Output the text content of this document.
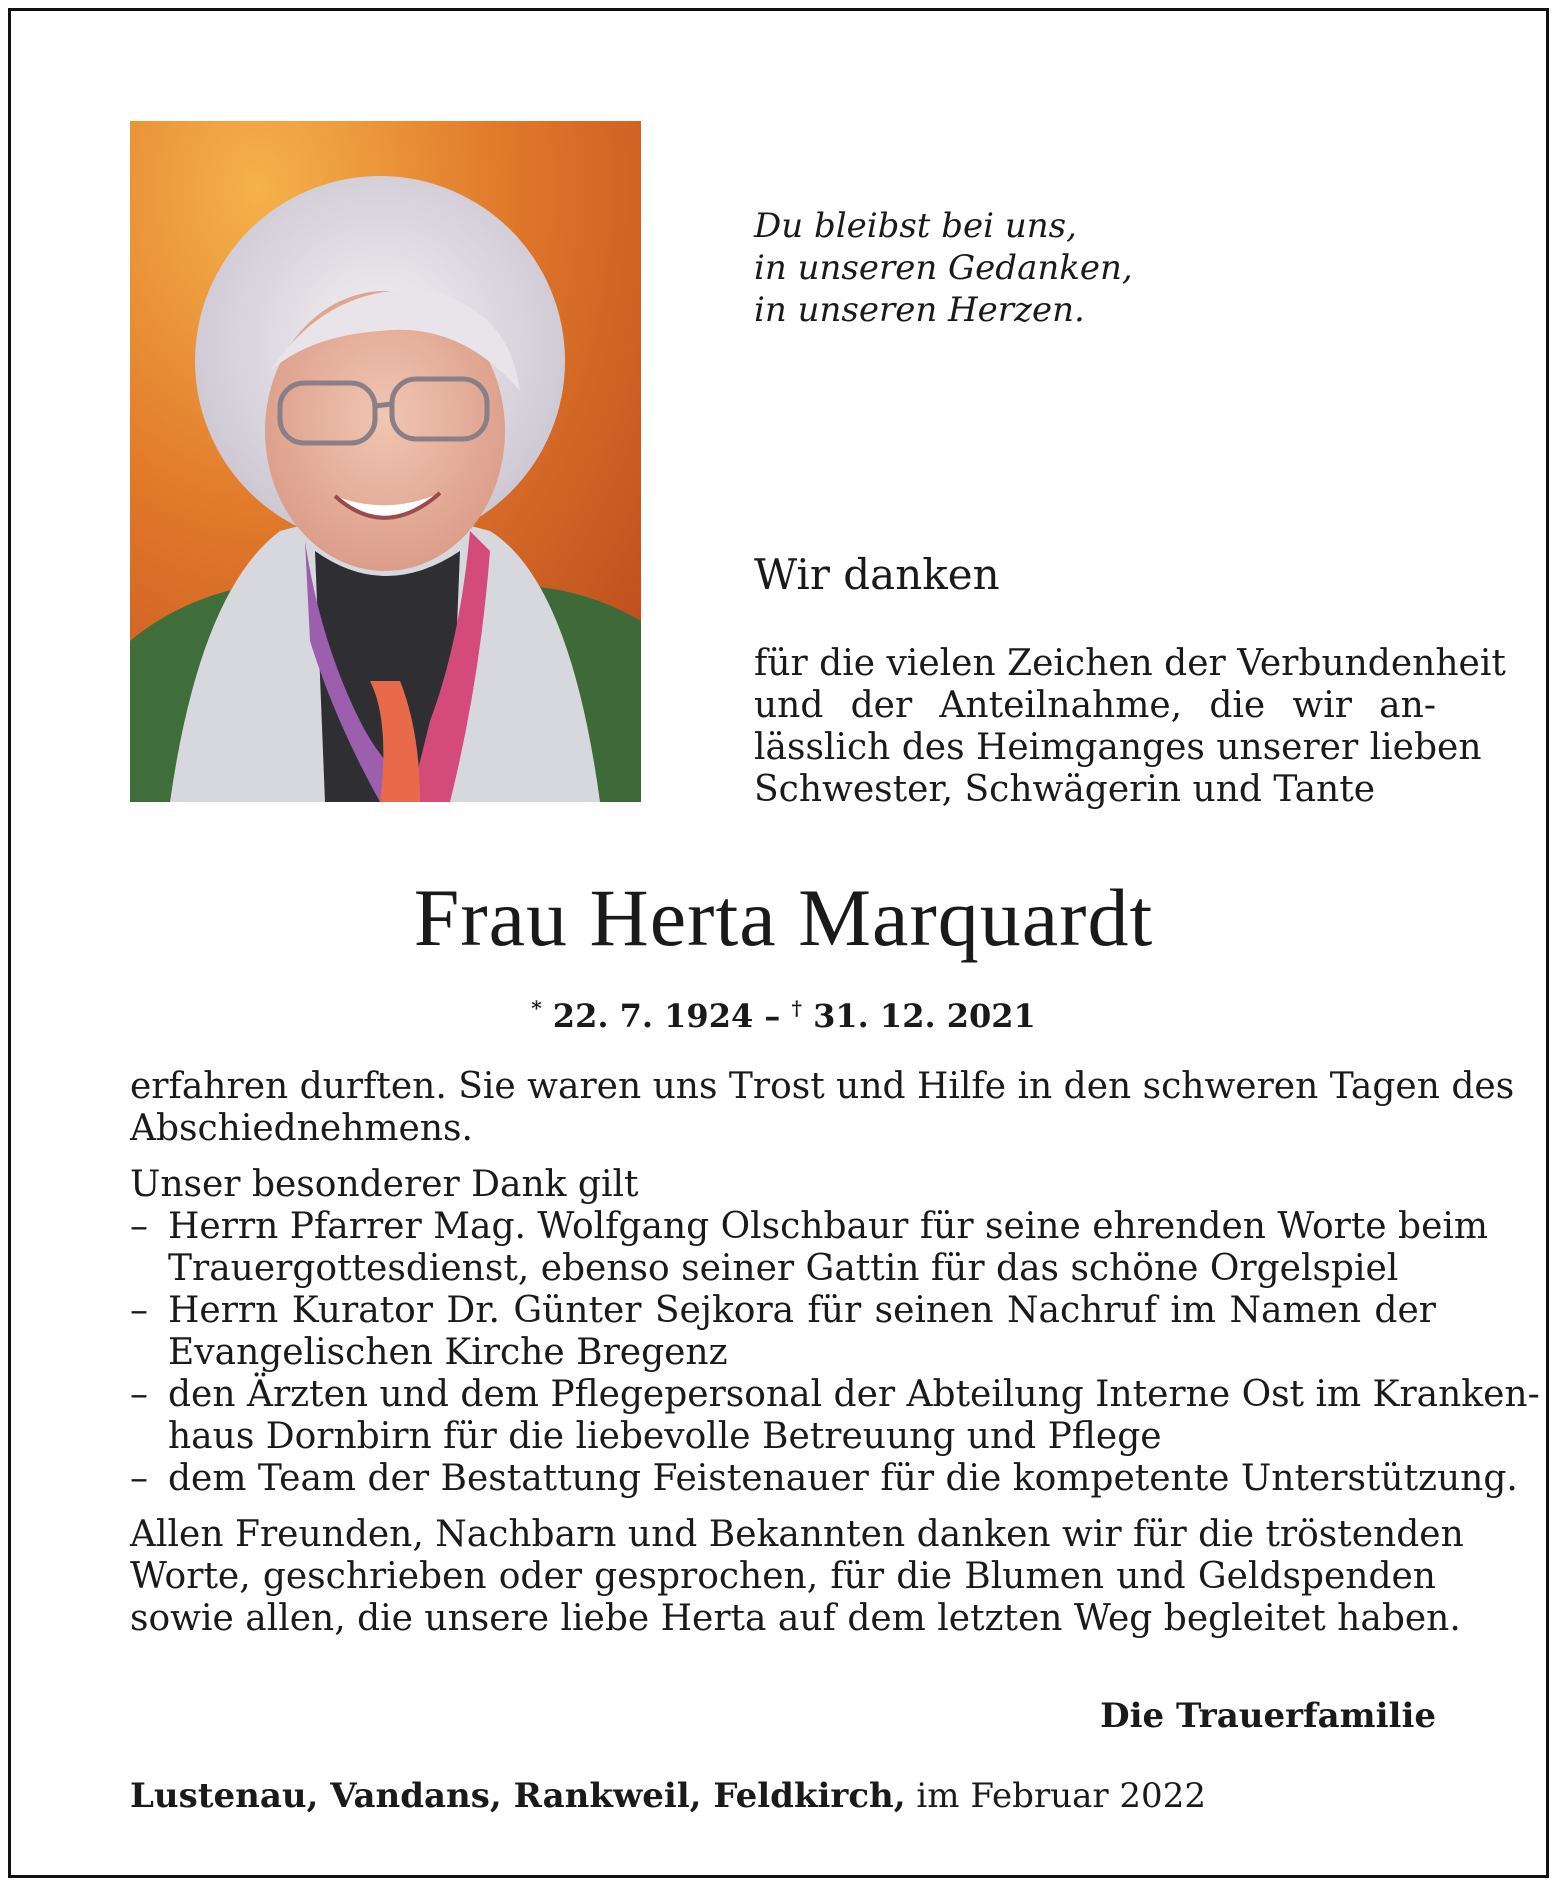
Du bleibst bei uns,
in unseren Gedanken,
in unseren Herzen.
Wir danken
für die vielen Zeichen der Verbundenheit
und der Anteilnahme, die wir an-
lässlich des Heimganges unserer lieben
Schwester, Schwägerin und Tante
Frau Herta Marquardt
* 22. 7. 1924 – † 31. 12. 2021
erfahren durften. Sie waren uns Trost und Hilfe in den schweren Tagen des
Abschiednehmens.
Unser besonderer Dank gilt
– Herrn Pfarrer Mag. Wolfgang Olschbaur für seine ehrenden Worte beim
Trauergottesdienst, ebenso seiner Gattin für das schöne Orgelspiel
– Herrn Kurator Dr. Günter Sejkora für seinen Nachruf im Namen der
Evangelischen Kirche Bregenz
– den Ärzten und dem Pflegepersonal der Abteilung Interne Ost im Kranken-
haus Dornbirn für die liebevolle Betreuung und Pflege
– dem Team der Bestattung Feistenauer für die kompetente Unterstützung.
Allen Freunden, Nachbarn und Bekannten danken wir für die tröstenden
Worte, geschrieben oder gesprochen, für die Blumen und Geldspenden
sowie allen, die unsere liebe Herta auf dem letzten Weg begleitet haben.
Die Trauerfamilie
Lustenau, Vandans, Rankweil, Feldkirch, im Februar 2022
